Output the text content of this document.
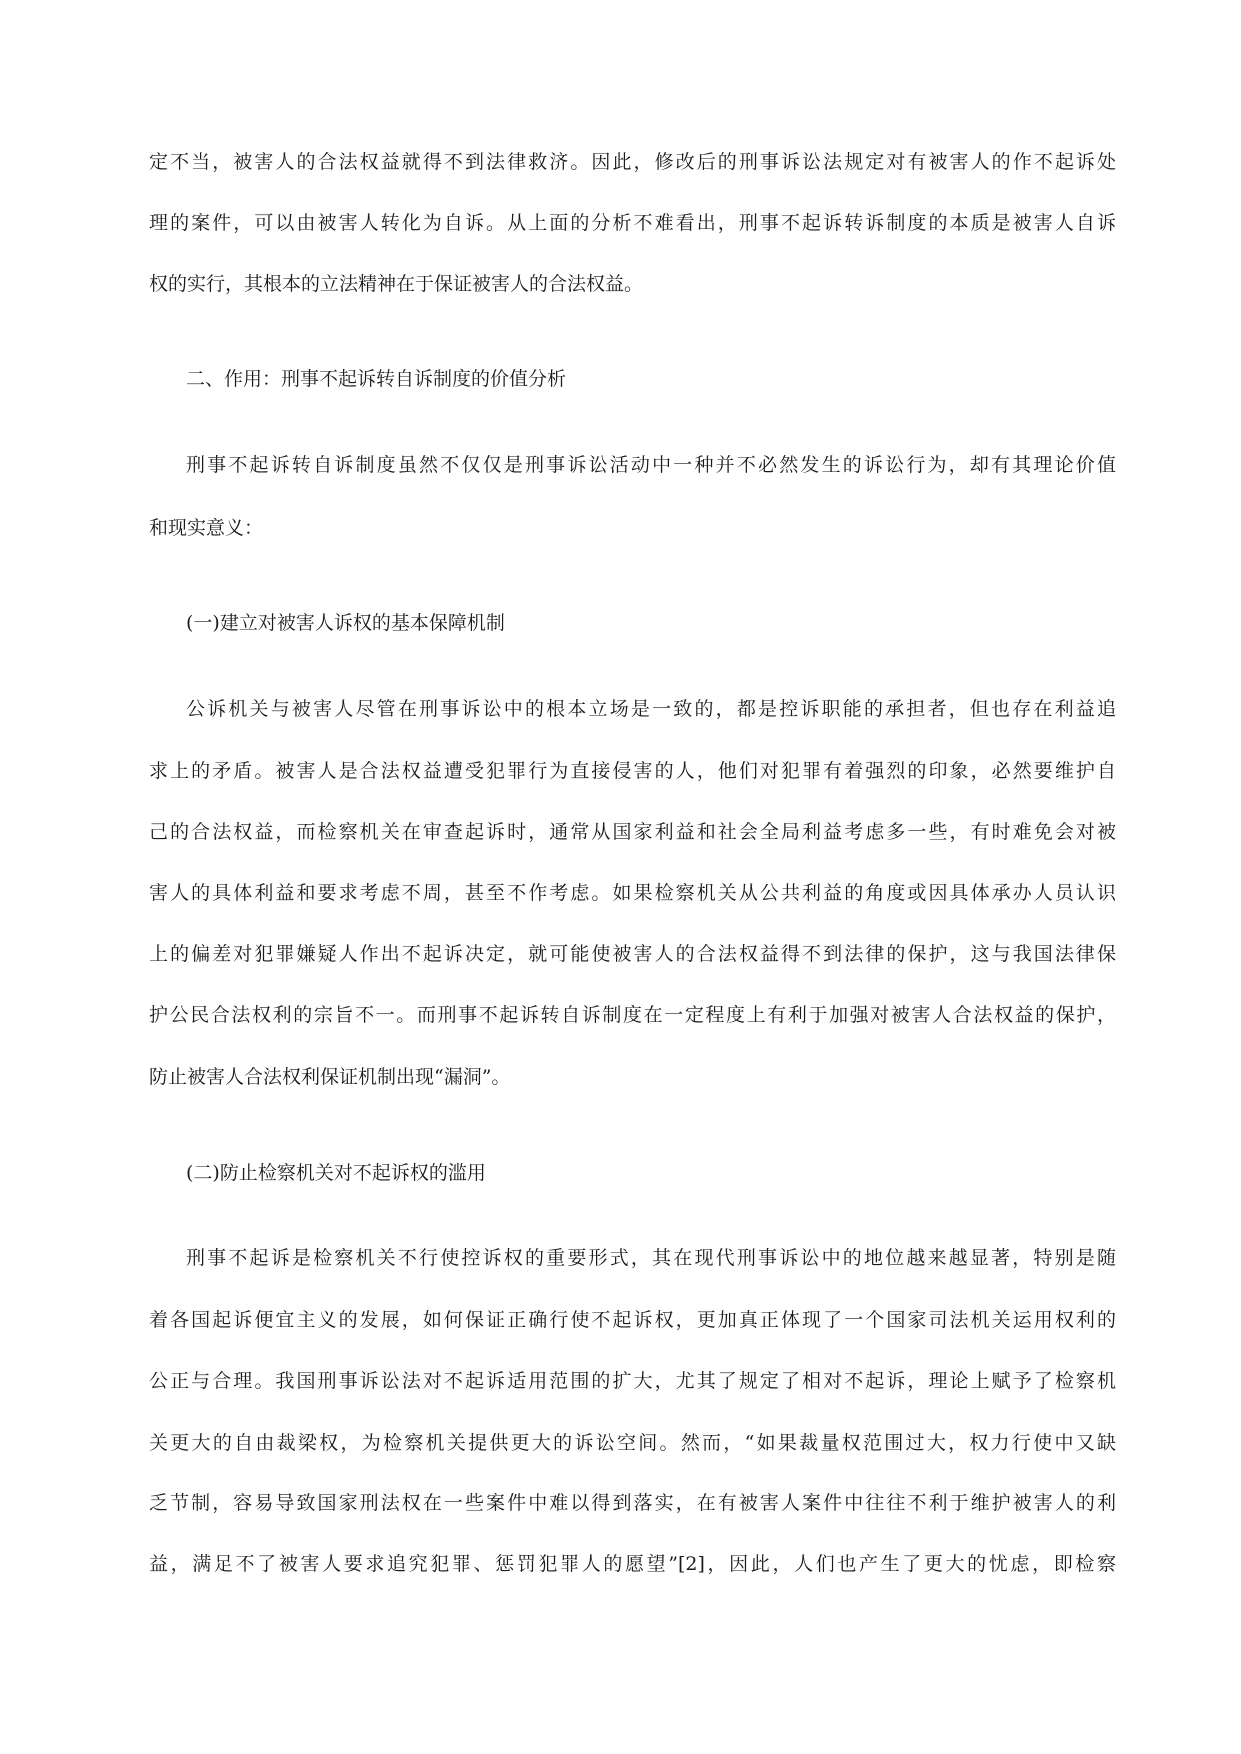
定不当，被害人的合法权益就得不到法律救济。因此，修改后的刑事诉讼法规定对有被害人的作不起诉处
理的案件，可以由被害人转化为自诉。从上面的分析不难看出，刑事不起诉转诉制度的本质是被害人自诉
权的实行，其根本的立法精神在于保证被害人的合法权益。
二、作用：刑事不起诉转自诉制度的价值分析
刑事不起诉转自诉制度虽然不仅仅是刑事诉讼活动中一种并不必然发生的诉讼行为，却有其理论价值
和现实意义：
(一)建立对被害人诉权的基本保障机制
公诉机关与被害人尽管在刑事诉讼中的根本立场是一致的，都是控诉职能的承担者，但也存在利益追
求上的矛盾。被害人是合法权益遭受犯罪行为直接侵害的人，他们对犯罪有着强烈的印象，必然要维护自
己的合法权益，而检察机关在审查起诉时，通常从国家利益和社会全局利益考虑多一些，有时难免会对被
害人的具体利益和要求考虑不周，甚至不作考虑。如果检察机关从公共利益的角度或因具体承办人员认识
上的偏差对犯罪嫌疑人作出不起诉决定，就可能使被害人的合法权益得不到法律的保护，这与我国法律保
护公民合法权利的宗旨不一。而刑事不起诉转自诉制度在一定程度上有利于加强对被害人合法权益的保护，
防止被害人合法权利保证机制出现“漏洞”。
(二)防止检察机关对不起诉权的滥用
刑事不起诉是检察机关不行使控诉权的重要形式，其在现代刑事诉讼中的地位越来越显著，特别是随
着各国起诉便宜主义的发展，如何保证正确行使不起诉权，更加真正体现了一个国家司法机关运用权利的
公正与合理。我国刑事诉讼法对不起诉适用范围的扩大，尤其了规定了相对不起诉，理论上赋予了检察机
关更大的自由裁梁权，为检察机关提供更大的诉讼空间。然而，“如果裁量权范围过大，权力行使中又缺
乏节制，容易导致国家刑法权在一些案件中难以得到落实，在有被害人案件中往往不利于维护被害人的利
益，满足不了被害人要求追究犯罪、惩罚犯罪人的愿望”[2]，因此，人们也产生了更大的忧虑，即检察
